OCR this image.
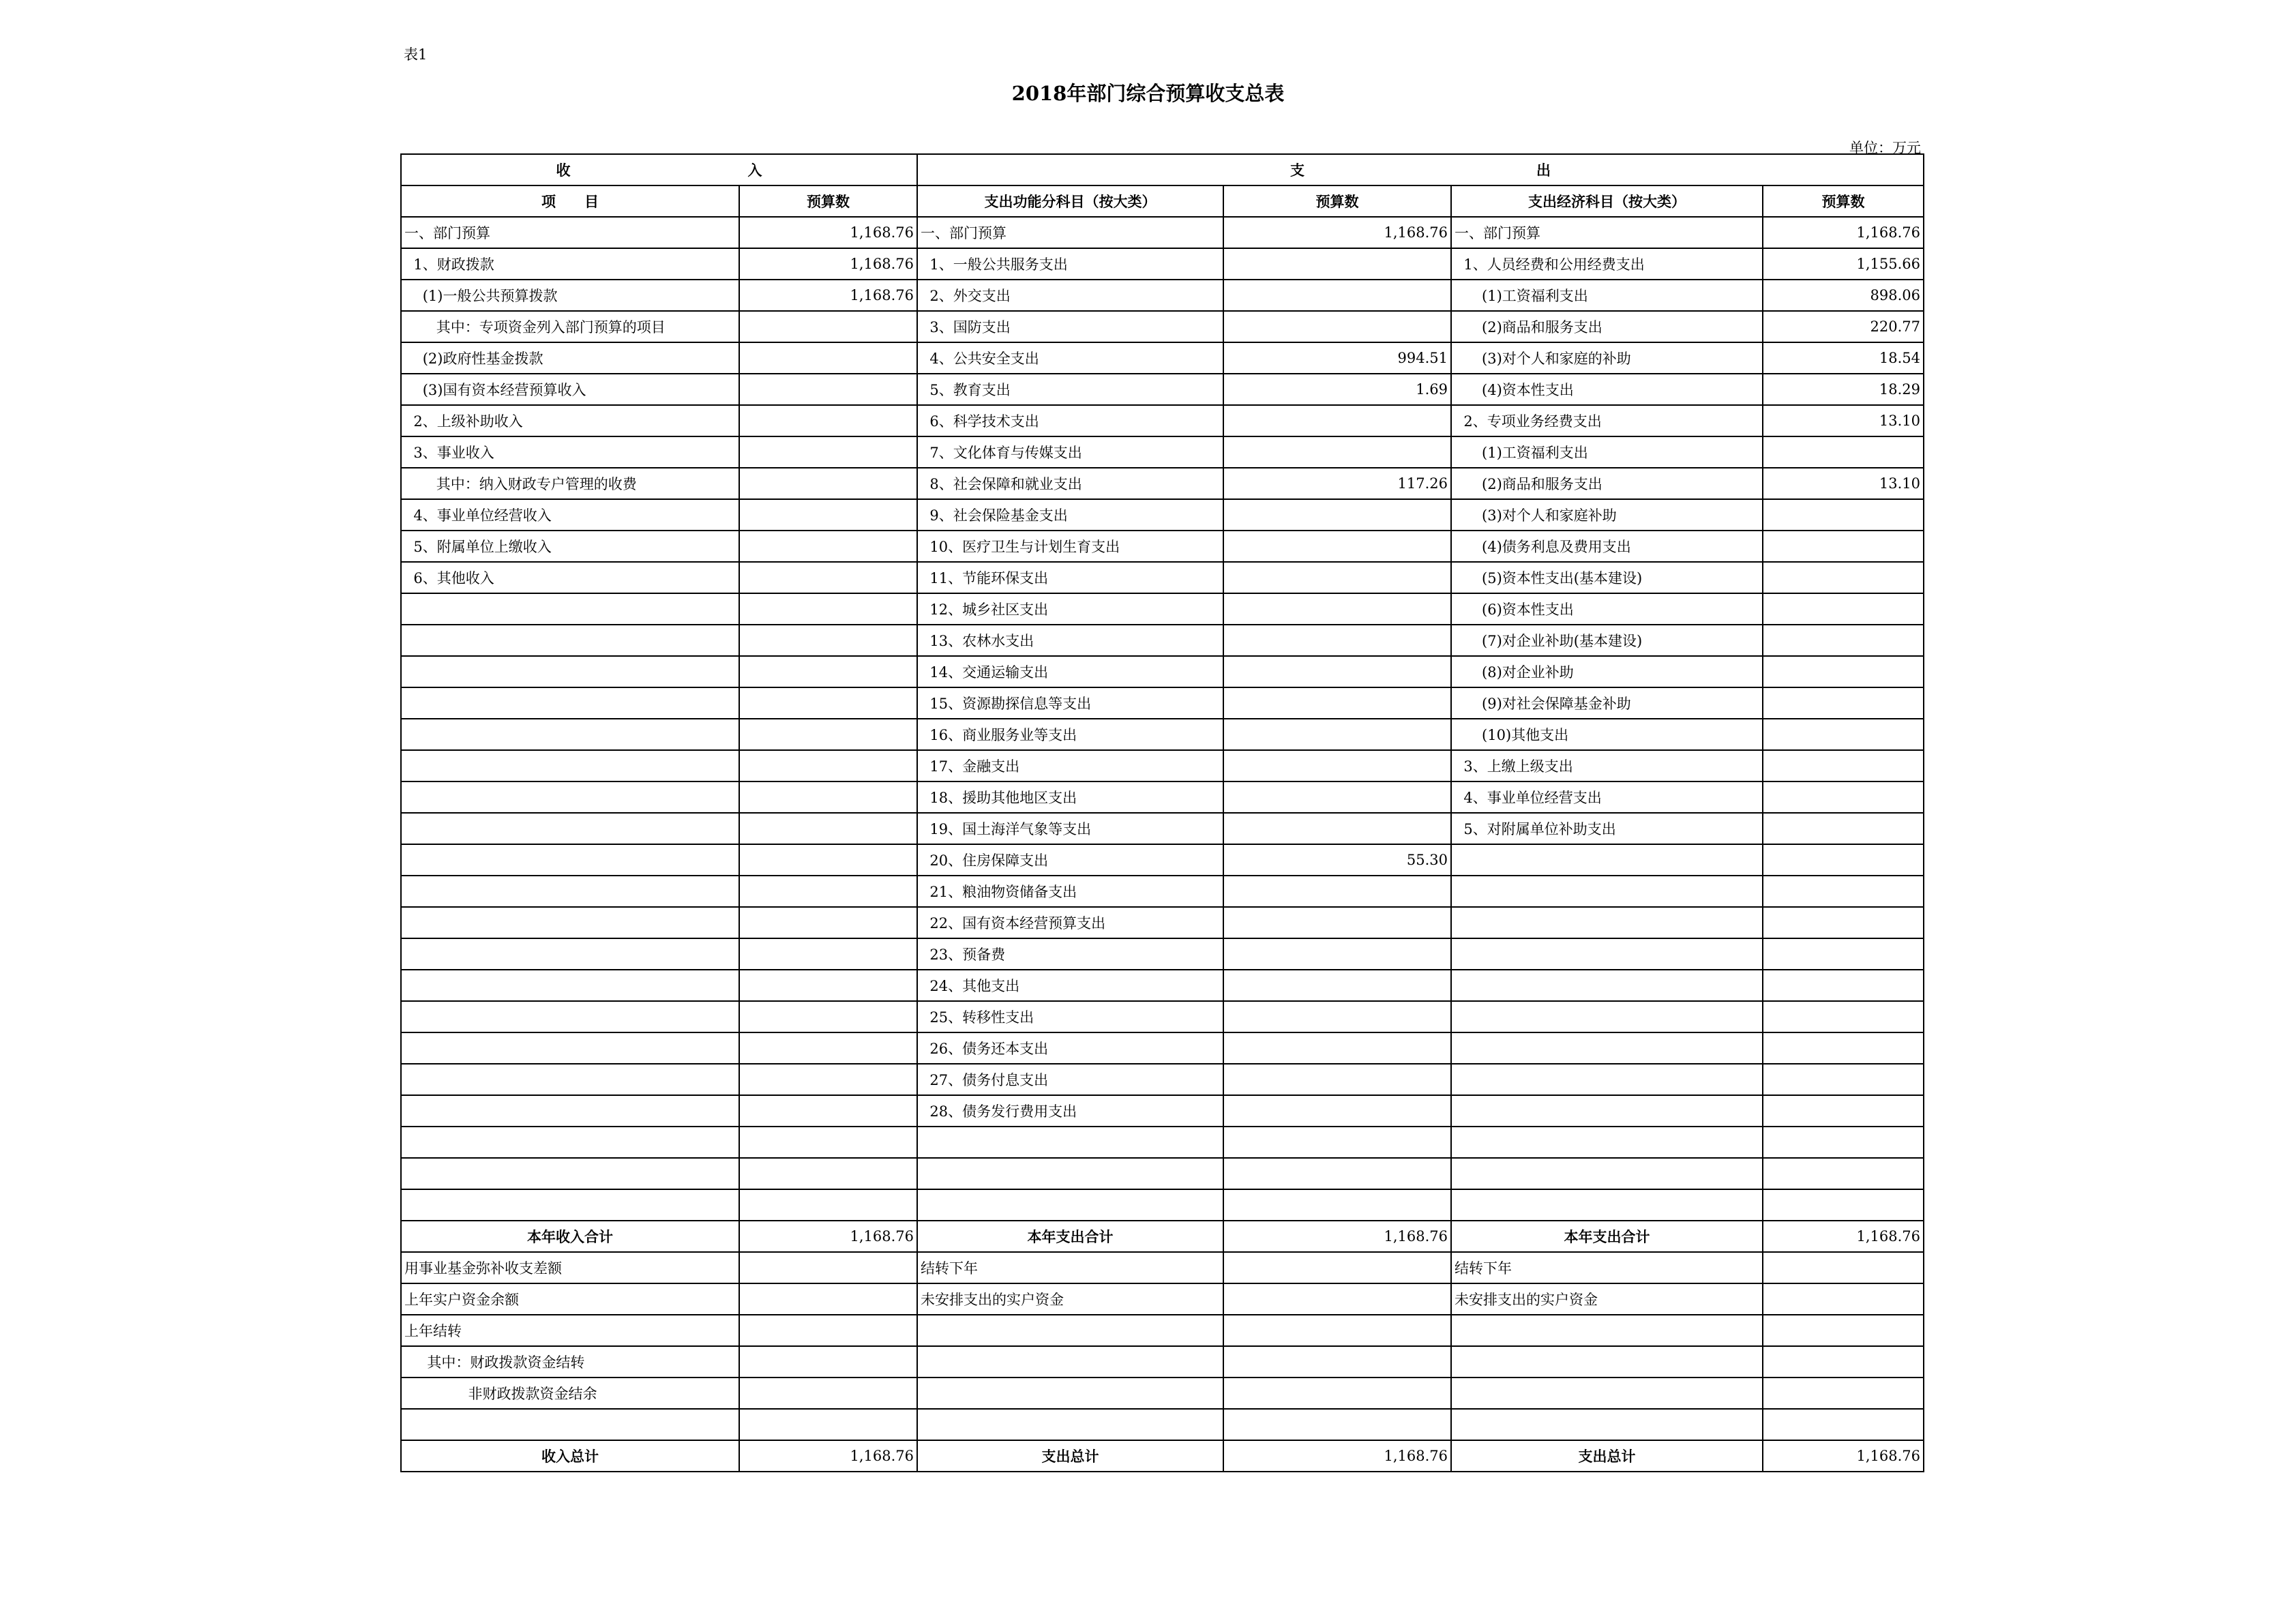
表1
2018年部门综合预算收支总表
单位：万元
收 入		支 出			
项　　目	预算数	支出功能分科目（按大类）	预算数	支出经济科目（按大类）	预算数
一、部门预算	1,168.76	一、部门预算	1,168.76	一、部门预算	1,168.76
1、财政拨款	1,168.76	1、一般公共服务支出		1、人员经费和公用经费支出	1,155.66
(1)一般公共预算拨款	1,168.76	2、外交支出		(1)工资福利支出	898.06
其中：专项资金列入部门预算的项目		3、国防支出		(2)商品和服务支出	220.77
(2)政府性基金拨款		4、公共安全支出	994.51	(3)对个人和家庭的补助	18.54
(3)国有资本经营预算收入		5、教育支出	1.69	(4)资本性支出	18.29
2、上级补助收入		6、科学技术支出		2、专项业务经费支出	13.10
3、事业收入		7、文化体育与传媒支出		(1)工资福利支出	
其中：纳入财政专户管理的收费		8、社会保障和就业支出	117.26	(2)商品和服务支出	13.10
4、事业单位经营收入		9、社会保险基金支出		(3)对个人和家庭补助	
5、附属单位上缴收入		10、医疗卫生与计划生育支出		(4)债务利息及费用支出	
6、其他收入		11、节能环保支出		(5)资本性支出(基本建设)	
		12、城乡社区支出		(6)资本性支出	
		13、农林水支出		(7)对企业补助(基本建设)	
		14、交通运输支出		(8)对企业补助	
		15、资源勘探信息等支出		(9)对社会保障基金补助	
		16、商业服务业等支出		(10)其他支出	
		17、金融支出		3、上缴上级支出	
		18、援助其他地区支出		4、事业单位经营支出	
		19、国土海洋气象等支出		5、对附属单位补助支出	
		20、住房保障支出	55.30		
		21、粮油物资储备支出			
		22、国有资本经营预算支出			
		23、预备费			
		24、其他支出			
		25、转移性支出			
		26、债务还本支出			
		27、债务付息支出			
		28、债务发行费用支出			

本年收入合计	1,168.76	本年支出合计	1,168.76	本年支出合计	1,168.76
用事业基金弥补收支差额		结转下年		结转下年	
上年实户资金余额		未安排支出的实户资金		未安排支出的实户资金	
上年结转					
其中：财政拨款资金结转					
非财政拨款资金结余					

收入总计	1,168.76	支出总计	1,168.76	支出总计	1,168.76
